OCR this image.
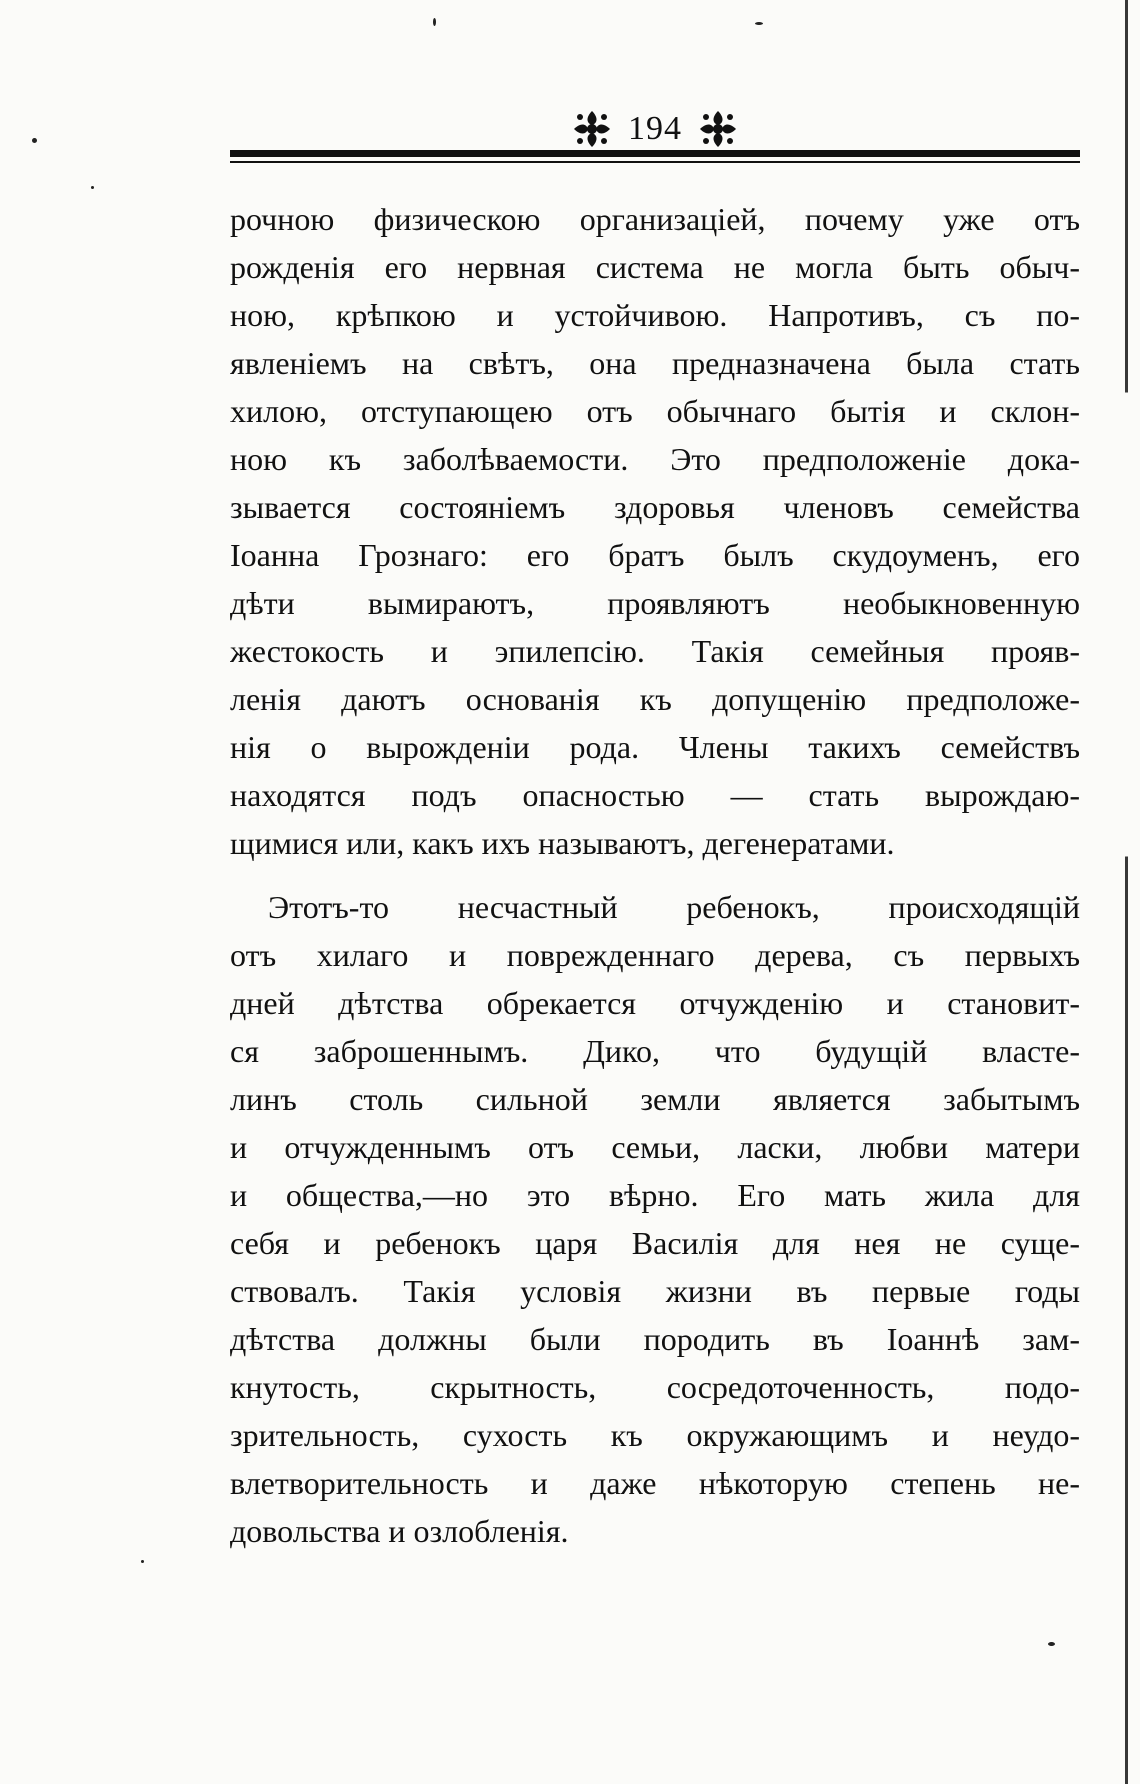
194
рочною физическою организаціей, почему уже отъ
рожденія его нервная система не могла быть обыч-
ною, крѣпкою и устойчивою. Напротивъ, съ по-
явленіемъ на свѣтъ, она предназначена была стать
хилою, отступающею отъ обычнаго бытія и склон-
ною къ заболѣваемости. Это предположеніе дока-
зывается состояніемъ здоровья членовъ семейства
Іоанна Грознаго: его братъ былъ скудоуменъ, его
дѣти вымираютъ, проявляютъ необыкновенную
жестокость и эпилепсію. Такія семейныя прояв-
ленія даютъ основанія къ допущенію предположе-
нія о вырожденіи рода. Члены такихъ семействъ
находятся подъ опасностью — стать вырождаю-
щимися или, какъ ихъ называютъ, дегенератами.
Этотъ-то несчастный ребенокъ, происходящій
отъ хилаго и поврежденнаго дерева, съ первыхъ
дней дѣтства обрекается отчужденію и становит-
ся заброшеннымъ. Дико, что будущій власте-
линъ столь сильной земли является забытымъ
и отчужденнымъ отъ семьи, ласки, любви матери
и общества,—но это вѣрно. Его мать жила для
себя и ребенокъ царя Василія для нея не суще-
ствовалъ. Такія условія жизни въ первые годы
дѣтства должны были породить въ Іоаннѣ зам-
кнутость, скрытность, сосредоточенность, подо-
зрительность, сухость къ окружающимъ и неудо-
влетворительность и даже нѣкоторую степень не-
довольства и озлобленія.
